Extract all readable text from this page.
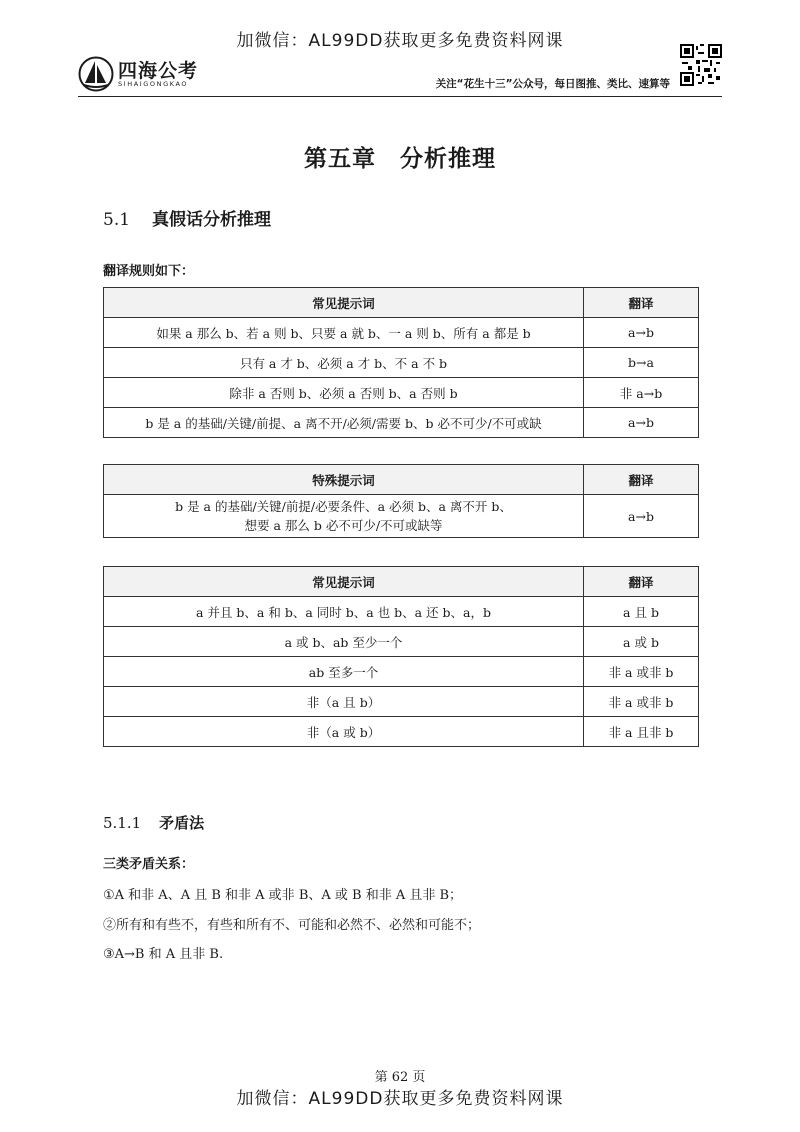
加微信：AL99DD获取更多免费资料网课
四海公考
SIHAIGONGKAO	关注“花生十三”公众号，每日图推、类比、速算等
第五章　分析推理
5.1 真假话分析推理
翻译规则如下：
常见提示词	翻译
如果 a 那么 b、若 a 则 b、只要 a 就 b、一 a 则 b、所有 a 都是 b	a→b
只有 a 才 b、必须 a 才 b、不 a 不 b	b→a
除非 a 否则 b、必须 a 否则 b、a 否则 b	非 a→b
b 是 a 的基础/关键/前提、a 离不开/必须/需要 b、b 必不可少/不可或缺	a→b
特殊提示词	翻译

b 是 a 的基础/关键/前提/必要条件、a 必须 b、a 离不开 b、
想要 a 那么 b 必不可少/不可或缺等	a→b
常见提示词	翻译
a 并且 b、a 和 b、a 同时 b、a 也 b、a 还 b、a，b	a 且 b
a 或 b、ab 至少一个	a 或 b
ab 至多一个	非 a 或非 b
非（a 且 b）	非 a 或非 b
非（a 或 b）	非 a 且非 b
5.1.1 矛盾法
三类矛盾关系：
①A 和非 A、A 且 B 和非 A 或非 B、A 或 B 和非 A 且非 B；
②所有和有些不，有些和所有不、可能和必然不、必然和可能不；
③A→B 和 A 且非 B.
第 62 页
加微信：AL99DD获取更多免费资料网课
